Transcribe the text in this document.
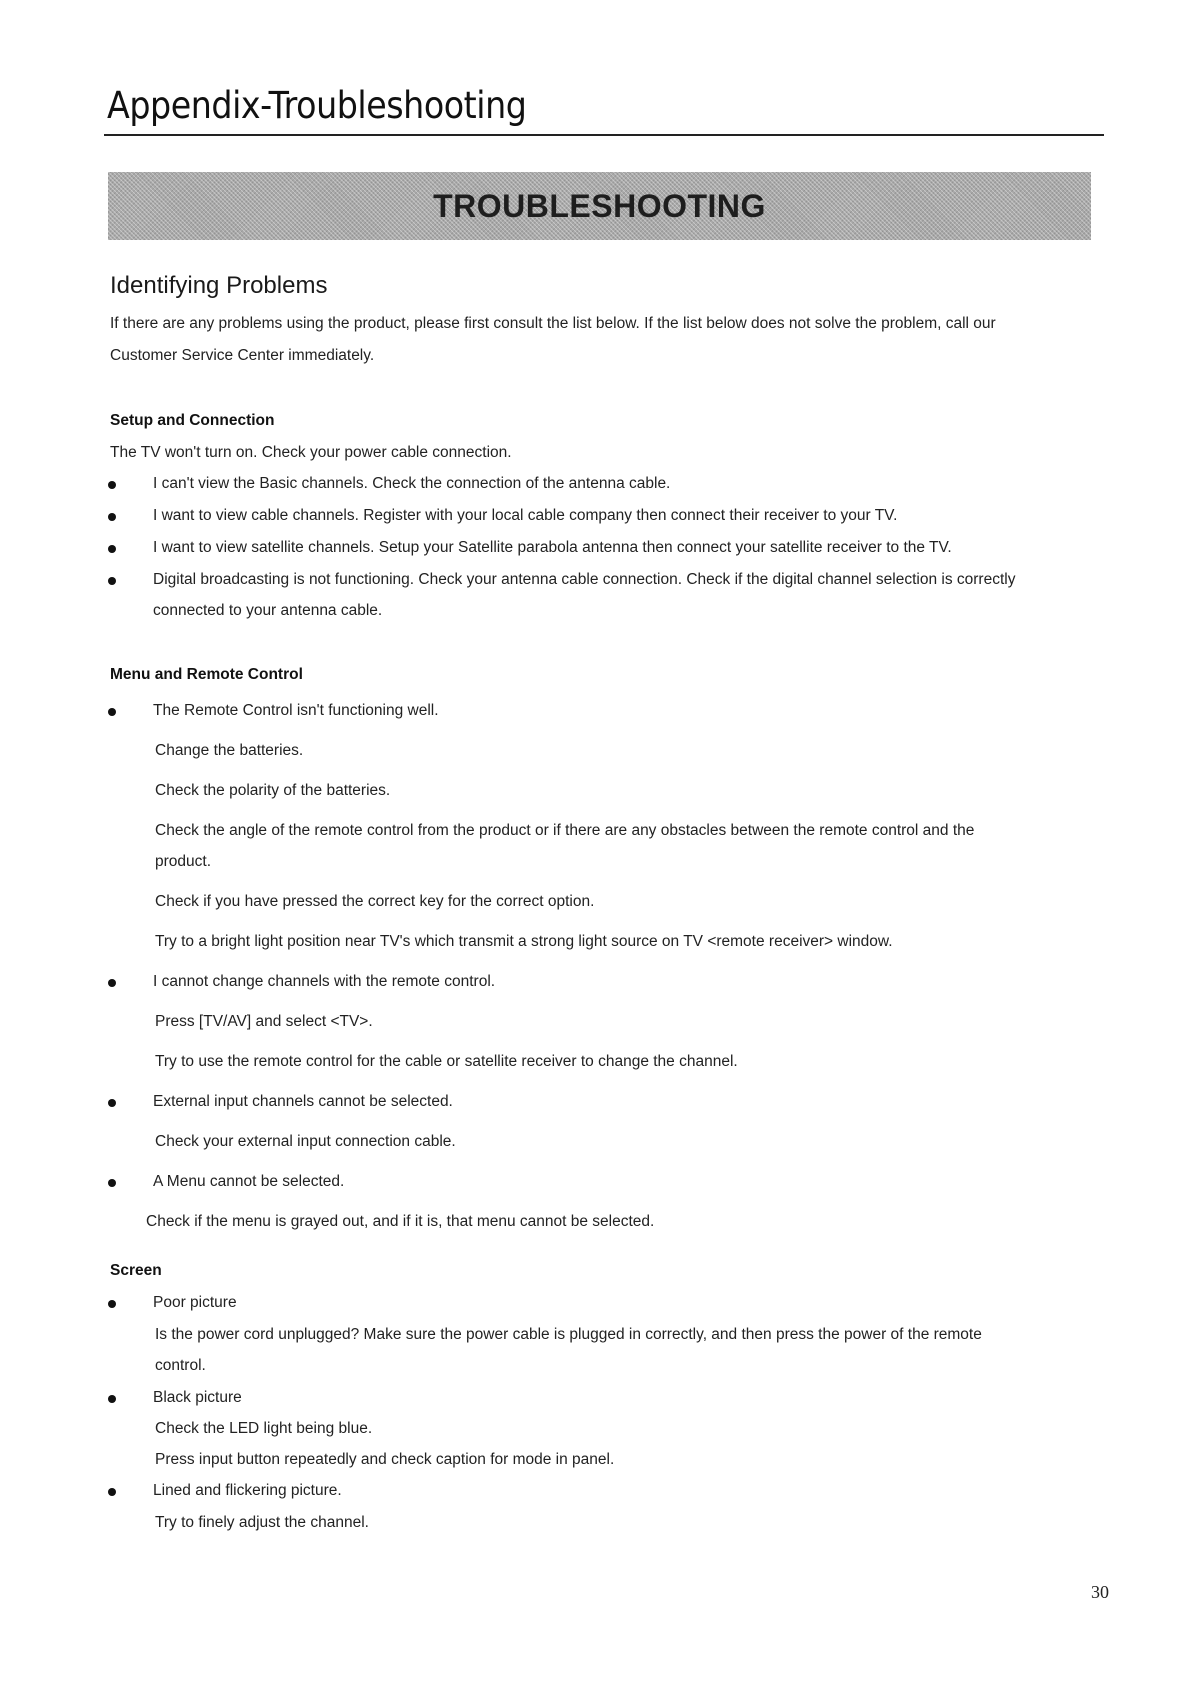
Appendix-Troubleshooting
TROUBLESHOOTING
Identifying Problems
If there are any problems using the product, please first consult the list below. If the list below does not solve the problem, call our
Customer Service Center immediately.
Setup and Connection
The TV won't turn on. Check your power cable connection.
I can't view the Basic channels. Check the connection of the antenna cable.
I want to view cable channels. Register with your local cable company then connect their receiver to your TV.
I want to view satellite channels. Setup your Satellite parabola antenna then connect your satellite receiver to the TV.
Digital broadcasting is not functioning. Check your antenna cable connection. Check if the digital channel selection is correctly
connected to your antenna cable.
Menu and Remote Control
The Remote Control isn't functioning well.
Change the batteries.
Check the polarity of the batteries.
Check the angle of the remote control from the product or if there are any obstacles between the remote control and the
product.
Check if you have pressed the correct key for the correct option.
Try to a bright light position near TV's which transmit a strong light source on TV <remote receiver> window.
I cannot change channels with the remote control.
Press [TV/AV] and select <TV>.
Try to use the remote control for the cable or satellite receiver to change the channel.
External input channels cannot be selected.
Check your external input connection cable.
A Menu cannot be selected.
Check if the menu is grayed out, and if it is, that menu cannot be selected.
Screen
Poor picture
Is the power cord unplugged? Make sure the power cable is plugged in correctly, and then press the power of the remote
control.
Black picture
Check the LED light being blue.
Press input button repeatedly and check caption for mode in panel.
Lined and flickering picture.
Try to finely adjust the channel.
30
